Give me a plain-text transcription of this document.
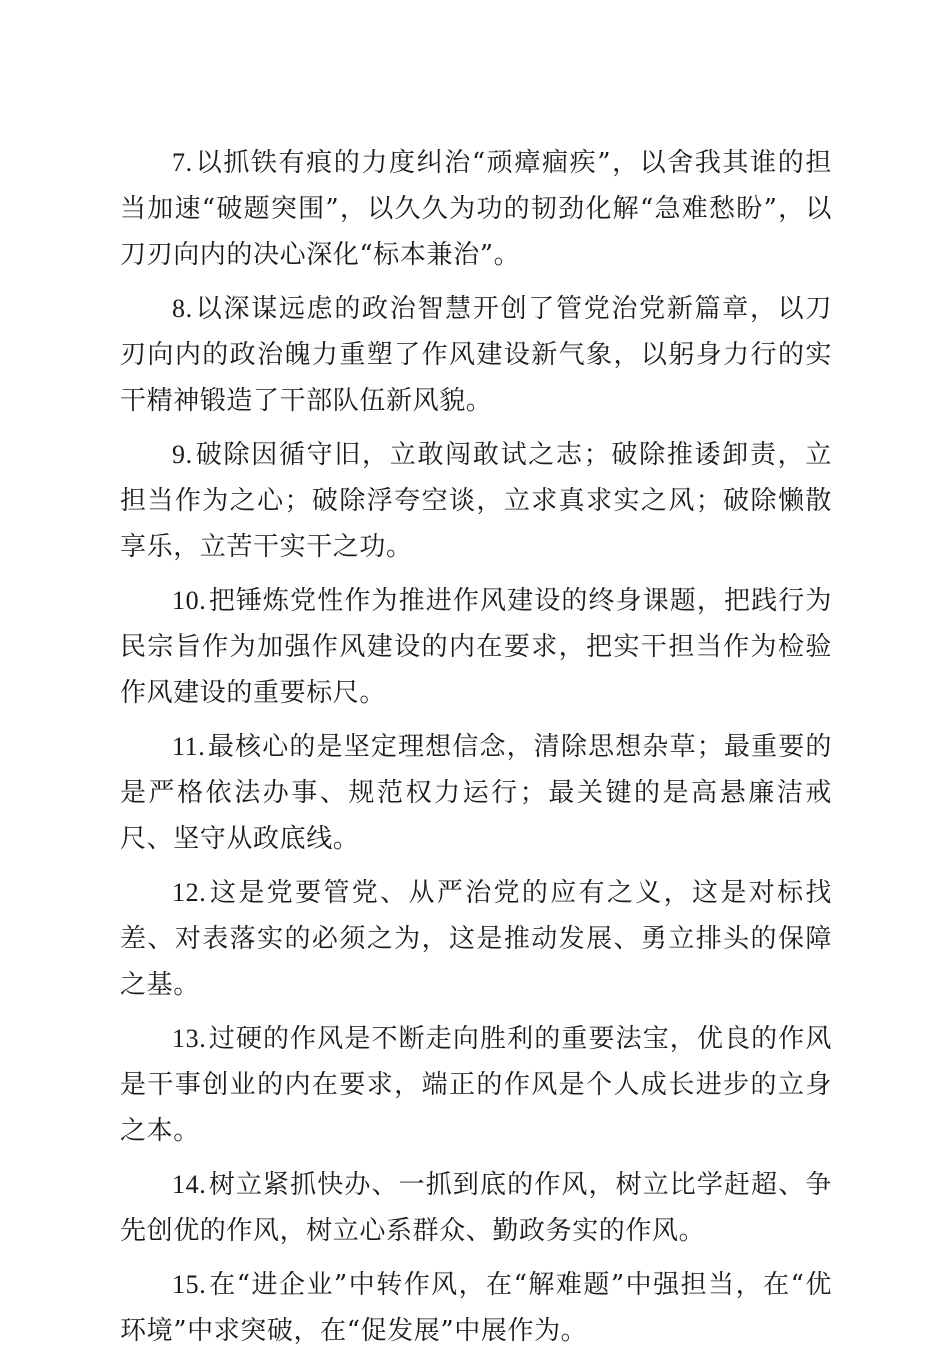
7.以抓铁有痕的力度纠治“顽瘴痼疾”，以舍我其谁的担当加速“破题突围”，以久久为功的韧劲化解“急难愁盼”，以刀刃向内的决心深化“标本兼治”。

8.以深谋远虑的政治智慧开创了管党治党新篇章，以刀刃向内的政治魄力重塑了作风建设新气象，以躬身力行的实干精神锻造了干部队伍新风貌。

9.破除因循守旧，立敢闯敢试之志；破除推诿卸责，立担当作为之心；破除浮夸空谈，立求真求实之风；破除懒散享乐，立苦干实干之功。

10.把锤炼党性作为推进作风建设的终身课题，把践行为民宗旨作为加强作风建设的内在要求，把实干担当作为检验作风建设的重要标尺。

11.最核心的是坚定理想信念，清除思想杂草；最重要的是严格依法办事、规范权力运行；最关键的是高悬廉洁戒尺、坚守从政底线。

12.这是党要管党、从严治党的应有之义，这是对标找差、对表落实的必须之为，这是推动发展、勇立排头的保障之基。

13.过硬的作风是不断走向胜利的重要法宝，优良的作风是干事创业的内在要求，端正的作风是个人成长进步的立身之本。

14.树立紧抓快办、一抓到底的作风，树立比学赶超、争先创优的作风，树立心系群众、勤政务实的作风。

15.在“进企业”中转作风，在“解难题”中强担当，在“优环境”中求突破，在“促发展”中展作为。
